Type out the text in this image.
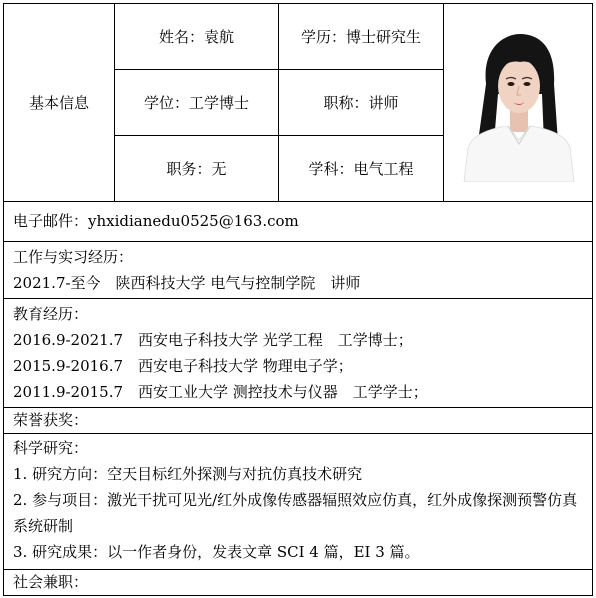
基本信息	姓名：袁航	学历：博士研究生	

	学位：工学博士	职称：讲师	
	职务：无	学科：电气工程	
电子邮件：yhxidianedu0525@163.com			

工作与实习经历：
2021.7-至今　陕西科技大学 电气与控制学院　讲师			

教育经历：
2016.9-2021.7　西安电子科技大学 光学工程　工学博士；
2015.9-2016.7　西安电子科技大学 物理电子学；
2011.9-2015.7　西安工业大学 测控技术与仪器　工学学士；			

荣誉获奖：			

科学研究：
1. 研究方向：空天目标红外探测与对抗仿真技术研究
2. 参与项目：激光干扰可见光/红外成像传感器辐照效应仿真，红外成像探测预警仿真系统研制
3. 研究成果：以一作者身份，发表文章 SCI 4 篇，EI 3 篇。			

社会兼职：			
